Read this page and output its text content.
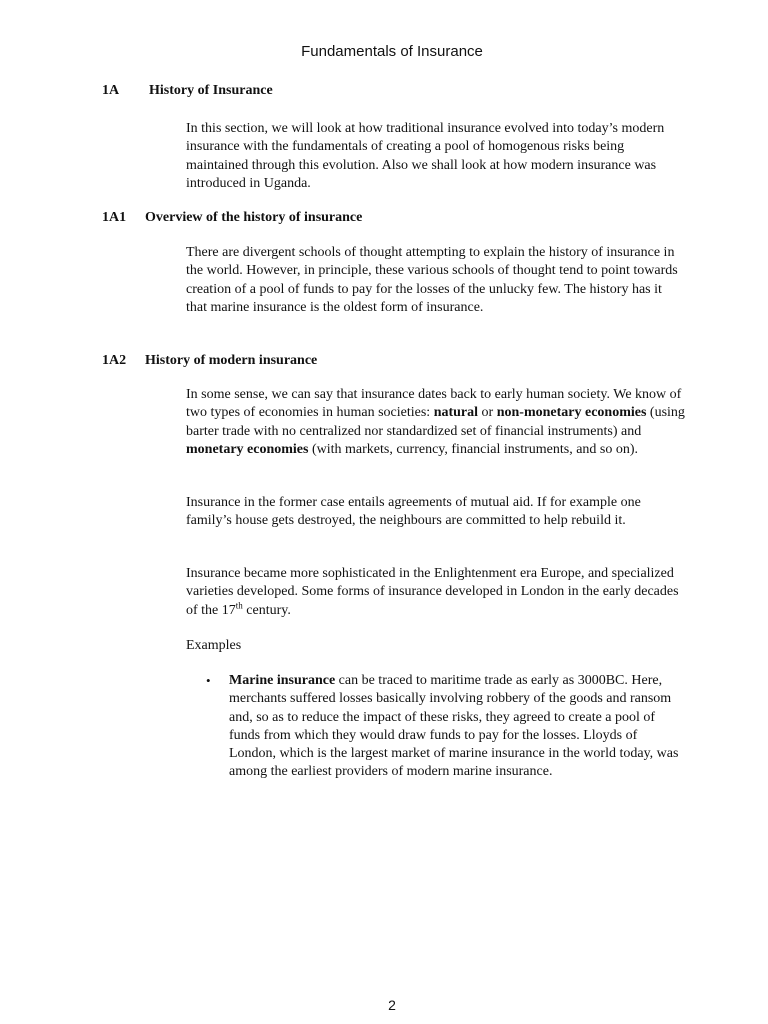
Fundamentals of Insurance
1A History of Insurance

In this section, we will look at how traditional insurance evolved into today’s modern insurance with the fundamentals of creating a pool of homogenous risks being maintained through this evolution. Also we shall look at how modern insurance was introduced in Uganda.

1A1 Overview of the history of insurance

There are divergent schools of thought attempting to explain the history of insurance in the world. However, in principle, these various schools of thought tend to point towards creation of a pool of funds to pay for the losses of the unlucky few. The history has it that marine insurance is the oldest form of insurance.

1A2 History of modern insurance

In some sense, we can say that insurance dates back to early human society. We know of two types of economies in human societies: natural or non-monetary economies (using barter trade with no centralized nor standardized set of financial instruments) and monetary economies (with markets, currency, financial instruments, and so on).

Insurance in the former case entails agreements of mutual aid. If for example one family’s house gets destroyed, the neighbours are committed to help rebuild it.

Insurance became more sophisticated in the Enlightenment era Europe, and specialized varieties developed. Some forms of insurance developed in London in the early decades of the 17th century.

Examples

• Marine insurance can be traced to maritime trade as early as 3000BC. Here, merchants suffered losses basically involving robbery of the goods and ransom and, so as to reduce the impact of these risks, they agreed to create a pool of funds from which they would draw funds to pay for the losses. Lloyds of London, which is the largest market of marine insurance in the world today, was among the earliest providers of modern marine insurance.
2
